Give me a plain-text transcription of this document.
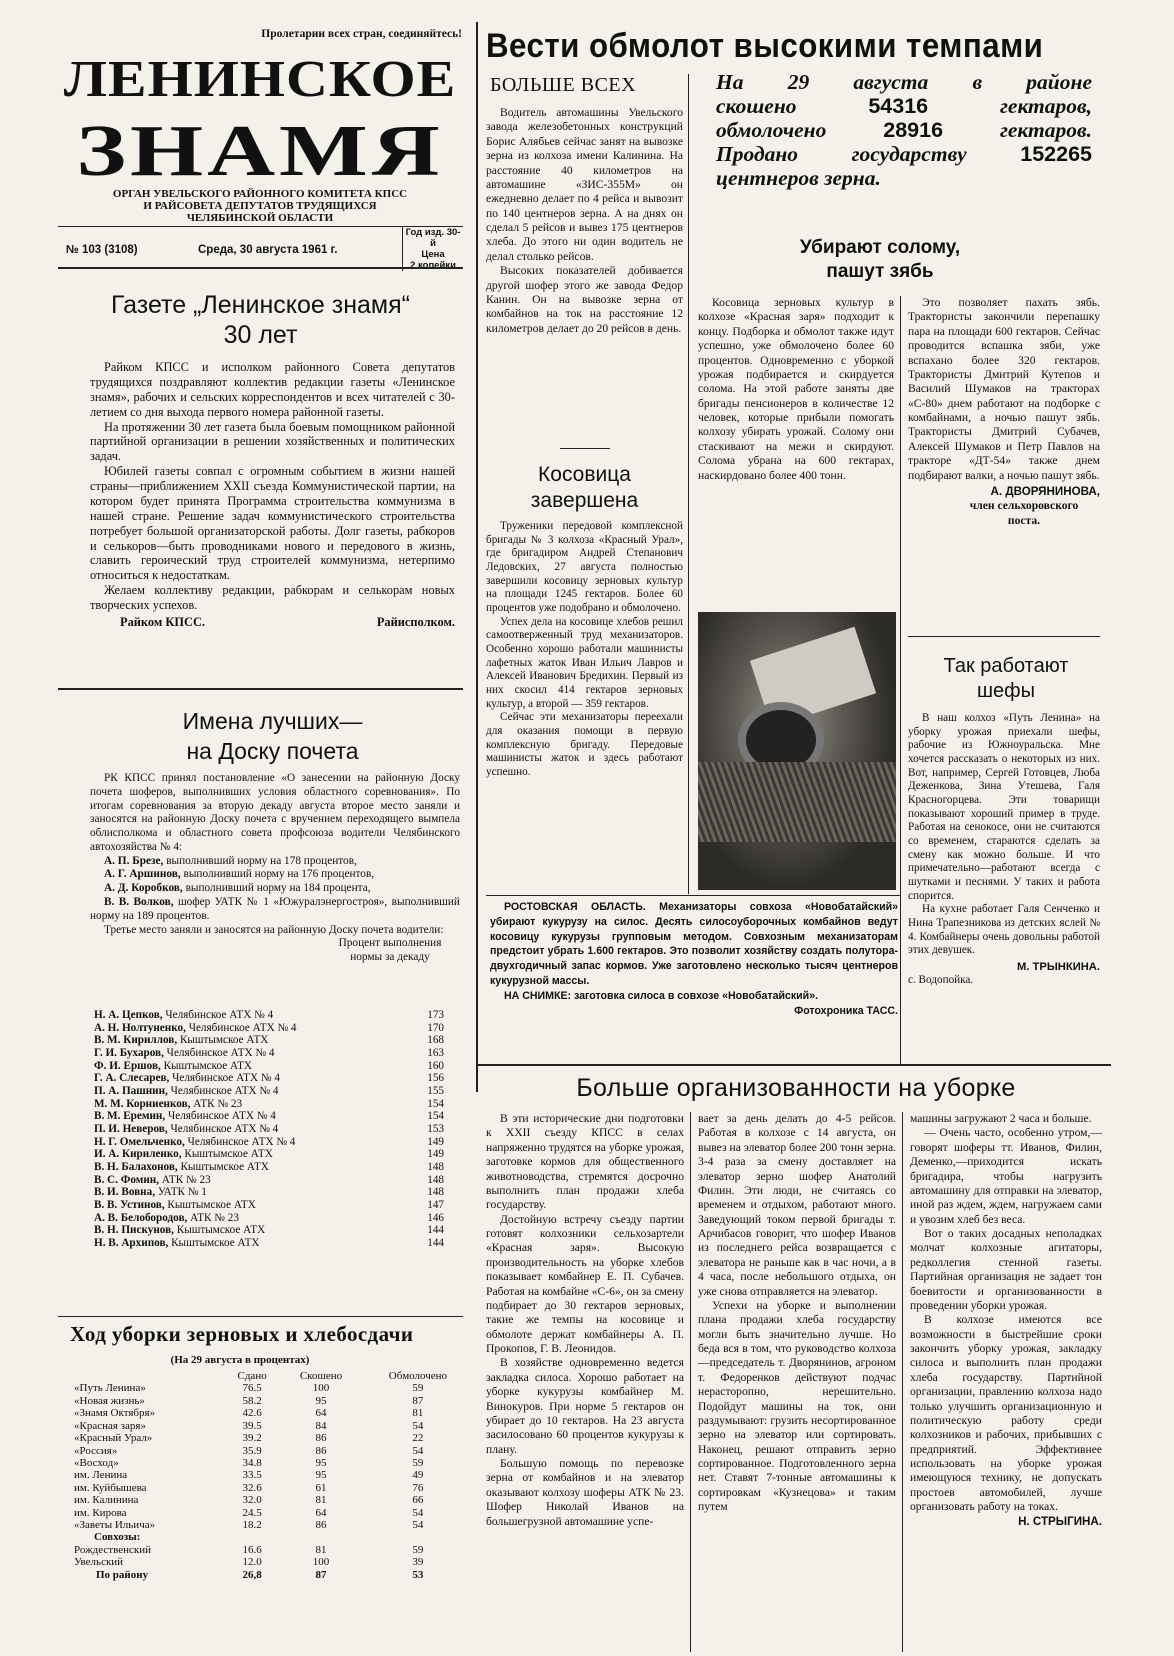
Пролетарии всех стран, соединяйтесь!
ЛЕНИНСКОЕ
ЗНАМЯ
ОРГАН УВЕЛЬСКОГО РАЙОННОГО КОМИТЕТА КПСС
И РАЙСОВЕТА ДЕПУТАТОВ ТРУДЯЩИХСЯ
ЧЕЛЯБИНСКОЙ ОБЛАСТИ
№ 103 (3108)	Среда, 30 августа 1961 г.
Год изд. 30-й
Цена
2 копейки
Вести обмолот высокими темпами
На 29 августа в районе
скошено 54316 гектаров,
обмолочено 28916 гектаров.
Продано государству 152265
центнеров зерна.
Газете „Ленинское знамя“
30 лет

Райком КПСС и исполком районного Совета депутатов трудящихся поздравляют коллектив редакции газеты «Ленинское знамя», рабочих и сельских корреспондентов и всех читателей с 30-летием со дня выхода первого номера районной газеты.

На протяжении 30 лет газета была боевым помощником районной партийной организации в решении хозяйственных и политических задач.

Юбилей газеты совпал с огромным событием в жизни нашей страны—приближением XXII съезда Коммунистической партии, на котором будет принята Программа строительства коммунизма в нашей стране. Решение задач коммунистического строительства потребует большой организаторской работы. Долг газеты, рабкоров и селькоров—быть проводниками нового и передового в жизнь, славить героический труд строителей коммунизма, нетерпимо относиться к недостаткам.

Желаем коллективу редакции, рабкорам и селькорам новых творческих успехов.

Райком КПСС.	Райисполком.
Имена лучших—
на Доску почета

РК КПСС принял постановление «О занесении на районную Доску почета шоферов, выполнивших условия областного соревнования». По итогам соревнования за вторую декаду августа второе место заняли и заносятся на районную Доску почета с вручением переходящего вымпела облисполкома и областного совета профсоюза водители Челябинского автохозяйства № 4:

А. П. Брезе, выполнивший норму на 178 процентов,

А. Г. Аршинов, выполнивший норму на 176 процентов,

А. Д. Коробков, выполнивший норму на 184 процента,

В. В. Волков, шофер УАТК № 1 «Южуралэнергостроя», выполнивший норму на 189 процентов.

Третье место заняли и заносятся на районную Доску почета водители:

Процент выполнения
нормы за декаду
Н. А. Цепков, Челябинское АТХ № 4	173
А. Н. Нолтуненко, Челябинское АТХ № 4	170
В. М. Кириллов, Кыштымское АТХ	168
Г. И. Бухаров, Челябинское АТХ № 4	163
Ф. И. Ершов, Кыштымское АТХ	160
Г. А. Слесарев, Челябинское АТХ № 4	156
П. А. Пашнин, Челябинское АТХ № 4	155
М. М. Корниенков, АТК № 23	154
В. М. Еремин, Челябинское АТХ № 4	154
П. И. Неверов, Челябинское АТХ № 4	153
Н. Г. Омельченко, Челябинское АТХ № 4	149
И. А. Кириленко, Кыштымское АТХ	149
В. Н. Балахонов, Кыштымское АТХ	148
В. С. Фомин, АТК № 23	148
В. И. Вовна, УАТК № 1	148
В. В. Устинов, Кыштымское АТХ	147
А. В. Белобородов, АТК № 23	146
В. Н. Пискунов, Кыштымское АТХ	144
Н. В. Архипов, Кыштымское АТХ	144
Ход уборки зерновых и хлебосдачи
(На 29 августа в процентах)
	Сдано	Скошено	Обмолочено
«Путь Ленина»	76.5	100	59
«Новая жизнь»	58.2	95	87
«Знамя Октября»	42.6	64	81
«Красная заря»	39.5	84	54
«Красный Урал»	39.2	86	22
«Россия»	35.9	86	54
«Восход»	34.8	95	59
им. Ленина	33.5	95	49
им. Куйбышева	32.6	61	76
им. Калинина	32.0	81	66
им. Кирова	24.5	64	54
«Заветы Ильича»	18.2	86	54
Совхозы:			
Рождественский	16.6	81	59
Увельский	12.0	100	39
По району	26,8	87	53
БОЛЬШЕ ВСЕХ

Водитель автомашины Увельского завода железобетонных конструкций Борис Алябьев сейчас занят на вывозке зерна из колхоза имени Калинина. На расстояние 40 километров на автомашине «ЗИС-355М» он ежедневно делает по 4 рейса и вывозит по 140 центнеров зерна. А на днях он сделал 5 рейсов и вывез 175 центнеров хлеба. До этого ни один водитель не делал столько рейсов.

Высоких показателей добивается другой шофер этого же завода Федор Канин. Он на вывозке зерна от комбайнов на ток на расстояние 12 километров делает до 20 рейсов в день.

Косовица
завершена

Труженики передовой комплексной бригады № 3 колхоза «Красный Урал», где бригадиром Андрей Степанович Ледовских, 27 августа полностью завершили косовицу зерновых культур на площади 1245 гектаров. Более 60 процентов уже подобрано и обмолочено.

Успех дела на косовице хлебов решил самоотверженный труд механизаторов. Особенно хорошо работали машинисты лафетных жаток Иван Ильич Лавров и Алексей Иванович Бредихин. Первый из них скосил 414 гектаров зерновых культур, а второй — 359 гектаров.

Сейчас эти механизаторы переехали для оказания помощи в первую комплексную бригаду. Передовые машинисты жаток и здесь работают успешно.

Убирают солому,
пашут зябь

Косовица зерновых культур в колхозе «Красная заря» подходит к концу. Подборка и обмолот также идут успешно, уже обмолочено более 60 процентов. Одновременно с уборкой урожая подбирается и скирдуется солома. На этой работе заняты две бригады пенсионеров в количестве 12 человек, которые прибыли помогать колхозу убирать урожай. Солому они стаскивают на межи и скирдуют. Солома убрана на 600 гектарах, наскирдовано более 400 тонн.

Это позволяет пахать зябь. Трактористы закончили перепашку пара на площади 600 гектаров. Сейчас проводится вспашка зяби, уже вспахано более 320 гектаров. Трактористы Дмитрий Кутепов и Василий Шумаков на тракторах «С-80» днем работают на подборке с комбайнами, а ночью пашут зябь. Трактористы Дмитрий Субачев, Алексей Шумаков и Петр Павлов на тракторе «ДТ-54» также днем подбирают валки, а ночью пашут зябь.

А. ДВОРЯНИНОВА,
член сельхоровского
поста.
Так работают
шефы

В наш колхоз «Путь Ленина» на уборку урожая приехали шефы, рабочие из Южноуральска. Мне хочется рассказать о некоторых из них. Вот, например, Сергей Готовцев, Люба Деженкова, Зина Утешева, Галя Красногорцева. Эти товарищи показывают хороший пример в труде. Работая на сенокосе, они не считаются со временем, стараются сделать за смену как можно больше. И что примечательно—работают всегда с шутками и песнями. У таких и работа спорится.

На кухне работает Галя Сенченко и Нина Трапезникова из детских яслей № 4. Комбайнеры очень довольны работой этих девушек.

М. ТРЫНКИНА.
с. Водопойка.

РОСТОВСКАЯ ОБЛАСТЬ. Механизаторы совхоза «Новобатайский» убирают кукурузу на силос. Десять силосоуборочных комбайнов ведут косовицу кукурузы групповым методом. Совхозным механизаторам предстоит убрать 1.600 гектаров. Это позволит хозяйству создать полутора-двухгодичный запас кормов. Уже заготовлено несколько тысяч центнеров кукурузной массы.

НА СНИМКЕ: заготовка силоса в совхозе «Новобатайский».

Фотохроника ТАСС.
Больше организованности на уборке

В эти исторические дни подготовки к XXII съезду КПСС в селах напряженно трудятся на уборке урожая, заготовке кормов для общественного животноводства, стремятся досрочно выполнить план продажи хлеба государству.

Достойную встречу съезду партии готовят колхозники сельхозартели «Красная заря». Высокую производительность на уборке хлебов показывает комбайнер Е. П. Субачев. Работая на комбайне «С-6», он за смену подбирает до 30 гектаров зерновых, такие же темпы на косовице и обмолоте держат комбайнеры А. П. Прокопов, Г. В. Леонидов.

В хозяйстве одновременно ведется закладка силоса. Хорошо работает на уборке кукурузы комбайнер М. Винокуров. При норме 5 гектаров он убирает до 10 гектаров. На 23 августа засилосовано 60 процентов кукурузы к плану.

Большую помощь по перевозке зерна от комбайнов и на элеватор оказывают колхозу шоферы АТК № 23. Шофер Николай Иванов на большегрузной автомашине успе-

вает за день делать до 4-5 рейсов. Работая в колхозе с 14 августа, он вывез на элеватор более 200 тонн зерна. 3-4 раза за смену доставляет на элеватор зерно шофер Анатолий Филин. Эти люди, не считаясь со временем и отдыхом, работают много. Заведующий током первой бригады т. Арчибасов говорит, что шофер Иванов из последнего рейса возвращается с элеватора не раньше как в час ночи, а в 4 часа, после небольшого отдыха, он уже снова отправляется на элеватор.

Успехи на уборке и выполнении плана продажи хлеба государству могли быть значительно лучше. Но беда вся в том, что руководство колхоза—председатель т. Дворянинов, агроном т. Федоренков действуют подчас нерасторопно, нерешительно. Подойдут машины на ток, они раздумывают: грузить несортированное зерно на элеватор или сортировать. Наконец, решают отправить зерно сортированное. Подготовленного зерна нет. Ставят 7-тонные автомашины к сортировкам «Кузнецова» и таким путем

машины загружают 2 часа и больше.

— Очень часто, особенно утром,—говорят шоферы тт. Иванов, Филин, Деменко,—приходится искать бригадира, чтобы нагрузить автомашину для отправки на элеватор, иной раз ждем, ждем, нагружаем сами и увозим хлеб без веса.

Вот о таких досадных неполадках молчат колхозные агитаторы, редколлегия стенной газеты. Партийная организация не задает тон боевитости и организованности в проведении уборки урожая.

В колхозе имеются все возможности в быстрейшие сроки закончить уборку урожая, закладку силоса и выполнить план продажи хлеба государству. Партийной организации, правлению колхоза надо только улучшить организационную и политическую работу среди колхозников и рабочих, прибывших с предприятий. Эффективнее использовать на уборке урожая имеющуюся технику, не допускать простоев автомобилей, лучше организовать работу на токах.

Н. СТРЫГИНА.
